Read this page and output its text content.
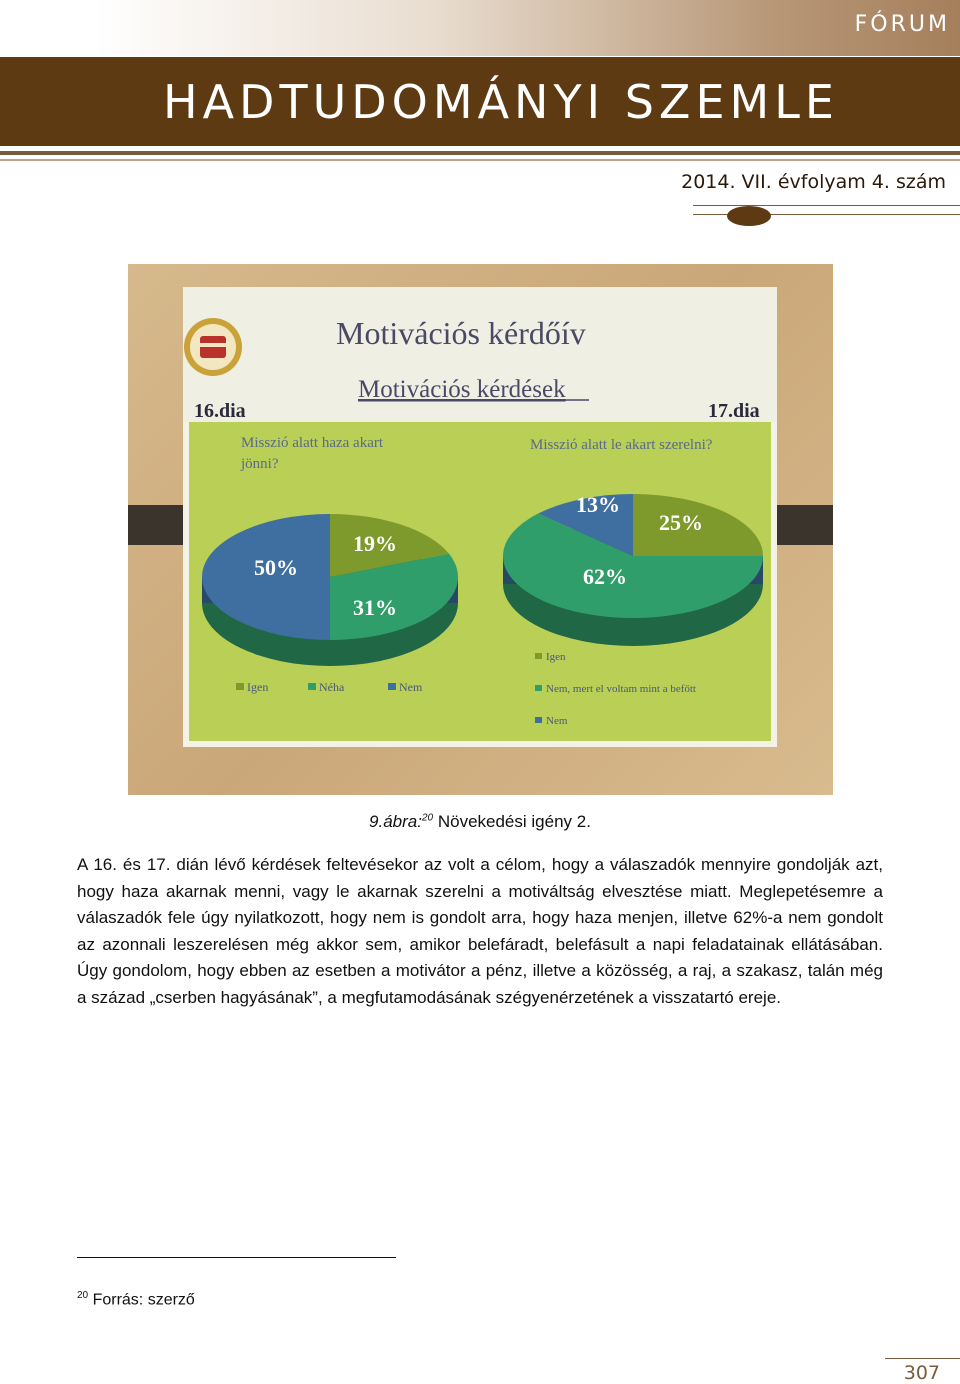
FÓRUM
HADTUDOMÁNYI SZEMLE
2014. VII. évfolyam 4. szám
Motivációs kérdőív
Motivációs kérdések
16.dia	17.dia
Misszió alatt haza akart
jönni?
Misszió alatt le akart szerelni?
19%
31%
50%
25%
62%
13%
Igen	Néha	Nem
Igen
Nem, mert el voltam mint a befőtt
Nem
9.ábra:$^{20}$ Növekedési igény 2.
A 16. és 17. dián lévő kérdések feltevésekor az volt a célom, hogy a válaszadók mennyire gondolják azt, hogy haza akarnak menni, vagy le akarnak szerelni a motiváltság elvesztése miatt. Meglepetésemre a válaszadók fele úgy nyilatkozott, hogy nem is gondolt arra, hogy haza menjen, illetve 62%-a nem gondolt az azonnali leszerelésen még akkor sem, amikor belefáradt, belefásult a napi feladatainak ellátásában. Úgy gondolom, hogy ebben az esetben a motivátor a pénz, illetve a közösség, a raj, a szakasz, talán még a század „cserben hagyásának”, a megfutamodásának szégyenérzetének a visszatartó ereje.
$^{20}$ Forrás: szerző
307
